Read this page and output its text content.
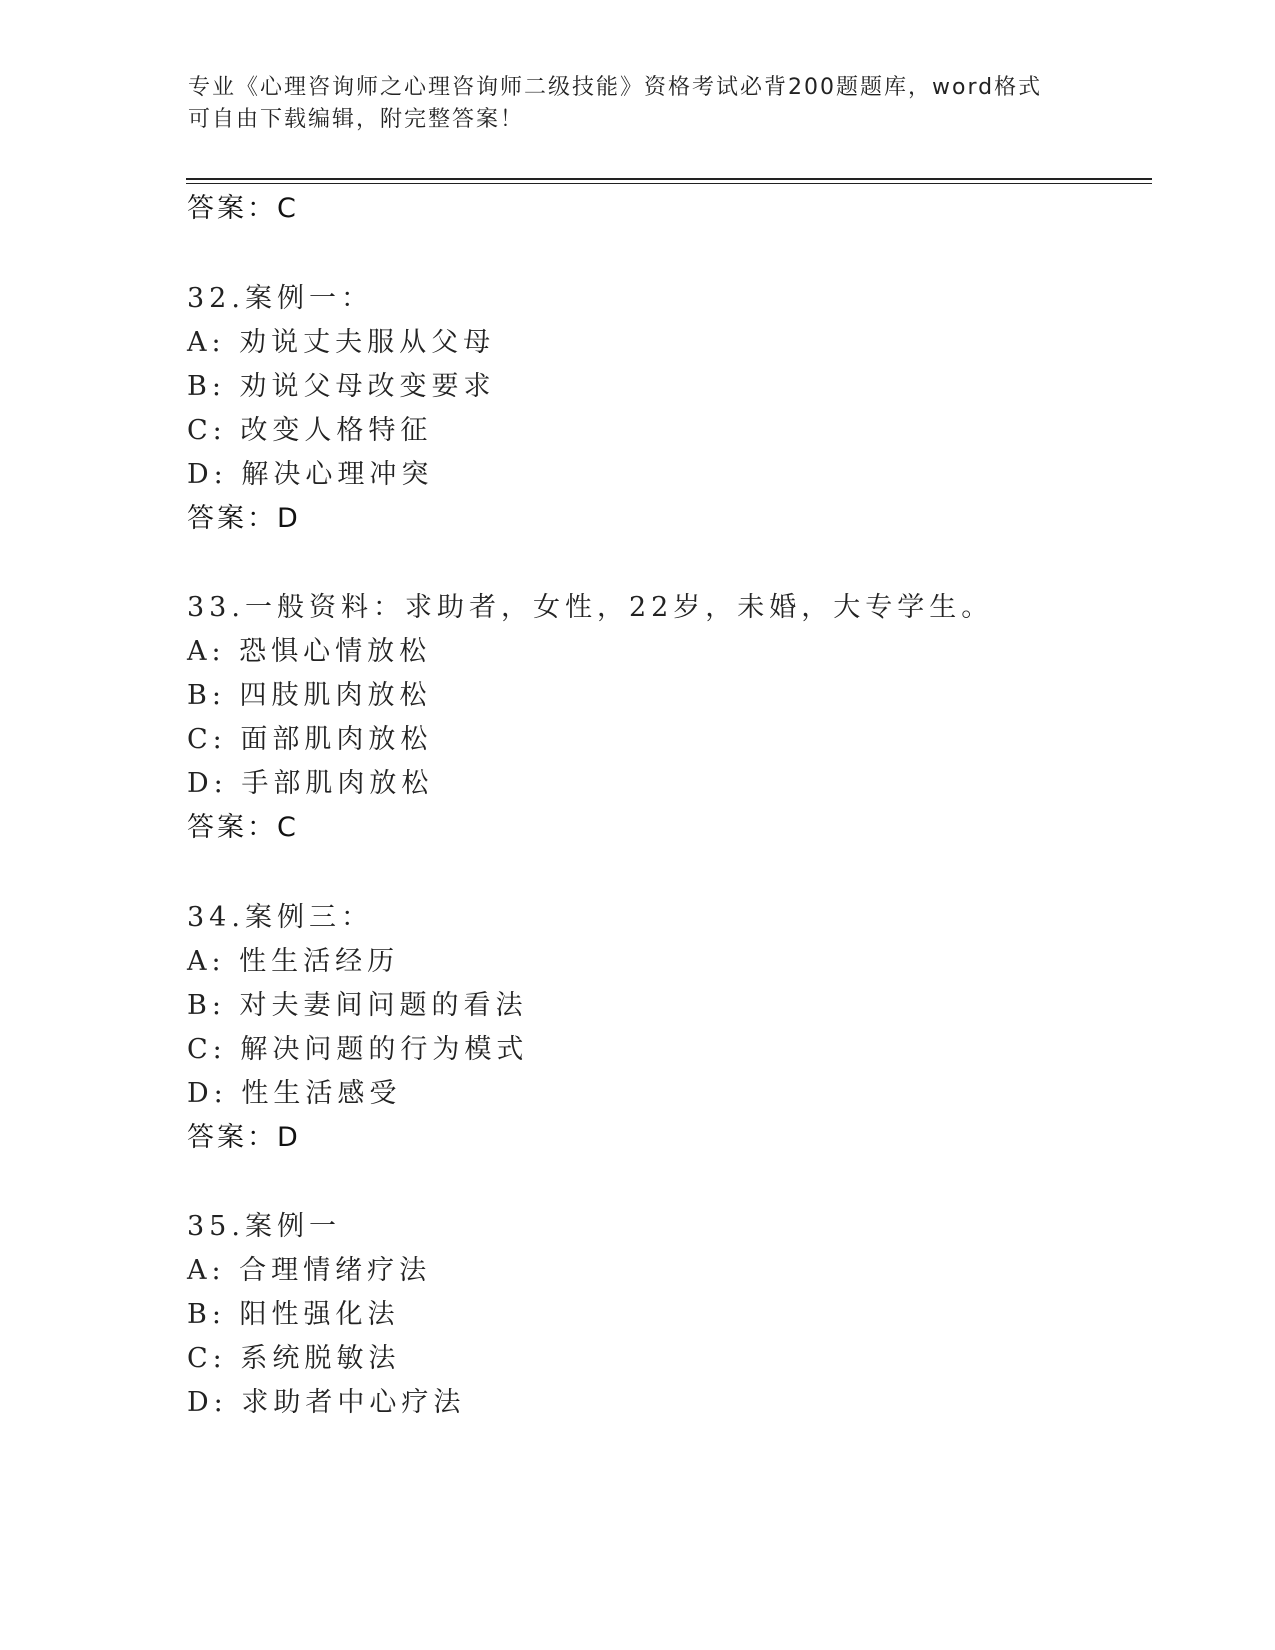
专业《心理咨询师之心理咨询师二级技能》资格考试必背200题题库，word格式
可自由下载编辑，附完整答案！
答案：C
32.案例一：
A: 劝说丈夫服从父母
B: 劝说父母改变要求
C: 改变人格特征
D: 解决心理冲突
答案：D
33.一般资料：求助者，女性，22岁，未婚，大专学生。
A: 恐惧心情放松
B: 四肢肌肉放松
C: 面部肌肉放松
D: 手部肌肉放松
答案：C
34.案例三：
A: 性生活经历
B: 对夫妻间问题的看法
C: 解决问题的行为模式
D: 性生活感受
答案：D
35.案例一
A: 合理情绪疗法
B: 阳性强化法
C: 系统脱敏法
D: 求助者中心疗法
